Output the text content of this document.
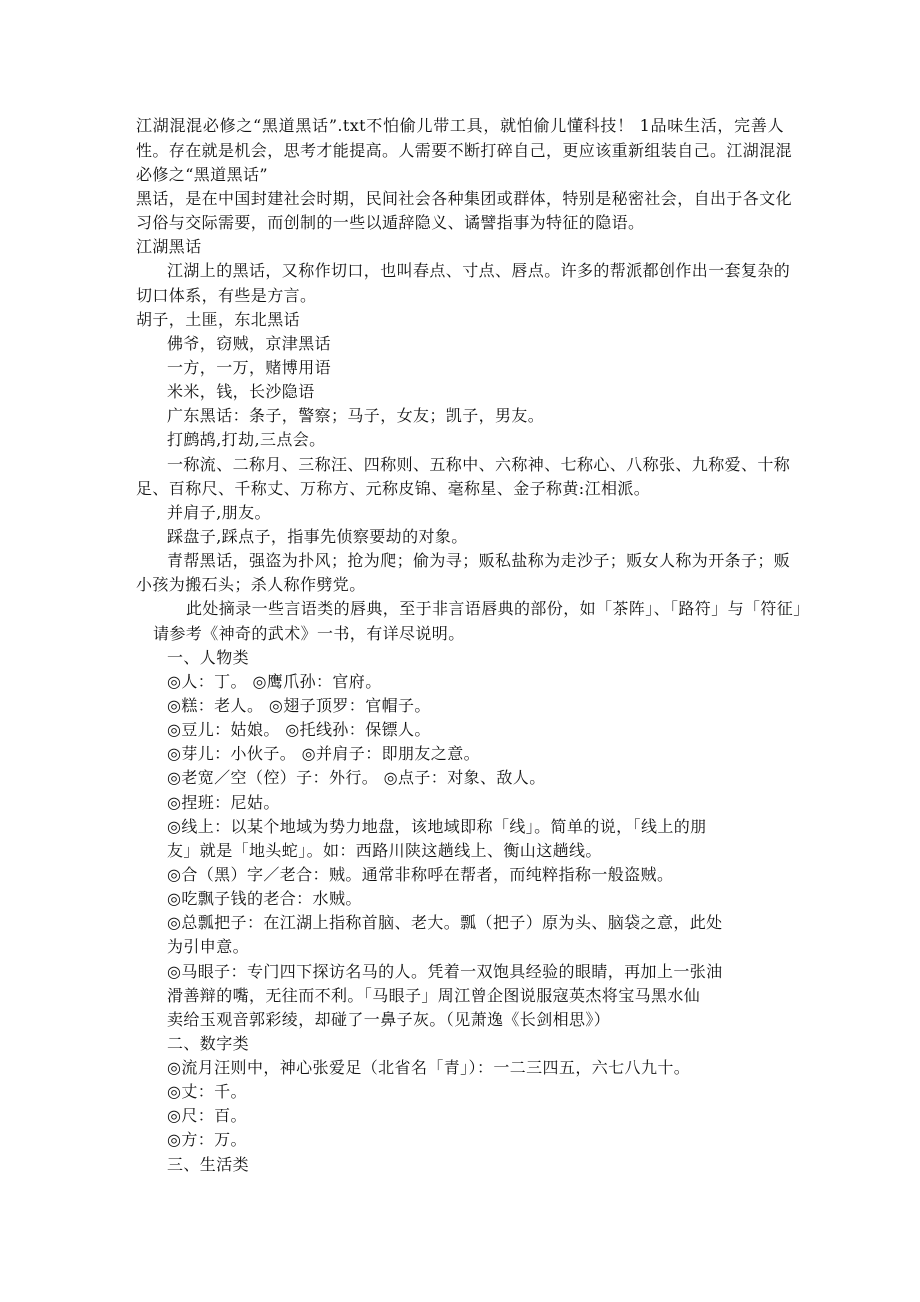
江湖混混必修之“黑道黑话”.txt不怕偷儿带工具，就怕偷儿懂科技！ 1品味生活，完善人
性。存在就是机会，思考才能提高。人需要不断打碎自己，更应该重新组装自己。江湖混混
必修之“黑道黑话”
黑话，是在中国封建社会时期，民间社会各种集团或群体，特别是秘密社会，自出于各文化
习俗与交际需要，而创制的一些以遁辞隐义、谲譬指事为特征的隐语。
江湖黑话
江湖上的黑话，又称作切口，也叫春点、寸点、唇点。许多的帮派都创作出一套复杂的
切口体系，有些是方言。
胡子，土匪，东北黑话
佛爷，窃贼，京津黑话
一方，一万，赌博用语
米米，钱，长沙隐语
广东黑话：条子，警察；马子，女友；凯子，男友。
打鹧鸪,打劫,三点会。
一称流、二称月、三称汪、四称则、五称中、六称神、七称心、八称张、九称爱、十称
足、百称尺、千称丈、万称方、元称皮锦、毫称星、金子称黄:江相派。
并肩子,朋友。
踩盘子,踩点子，指事先侦察要劫的对象。
青帮黑话，强盗为扑风；抢为爬；偷为寻；贩私盐称为走沙子；贩女人称为开条子；贩
小孩为搬石头；杀人称作劈党。
此处摘录一些言语类的唇典，至于非言语唇典的部份，如「茶阵」、「路符」与「符征」
请参考《神奇的武术》一书，有详尽说明。
一、人物类
◎人：丁。 ◎鹰爪孙：官府。
◎糕：老人。 ◎翅子顶罗：官帽子。
◎豆儿：姑娘。 ◎托线孙：保镖人。
◎芽儿：小伙子。 ◎并肩子：即朋友之意。
◎老宽／空（倥）子：外行。 ◎点子：对象、敌人。
◎捏班：尼姑。
◎线上：以某个地域为势力地盘，该地域即称「线」。简单的说，「线上的朋
友」就是「地头蛇」。如：西路川陕这趟线上、衡山这趟线。
◎合（黑）字／老合：贼。通常非称呼在帮者，而纯粹指称一般盗贼。
◎吃飘子钱的老合：水贼。
◎总瓢把子：在江湖上指称首脑、老大。瓢（把子）原为头、脑袋之意，此处
为引申意。
◎马眼子：专门四下探访名马的人。凭着一双饱具经验的眼睛，再加上一张油
滑善辩的嘴，无往而不利。「马眼子」周江曾企图说服寇英杰将宝马黑水仙
卖给玉观音郭彩绫，却碰了一鼻子灰。（见萧逸《长剑相思》）
二、数字类
◎流月汪则中，神心张爱足（北省名「青」）：一二三四五，六七八九十。
◎丈：千。
◎尺：百。
◎方：万。
三、生活类
